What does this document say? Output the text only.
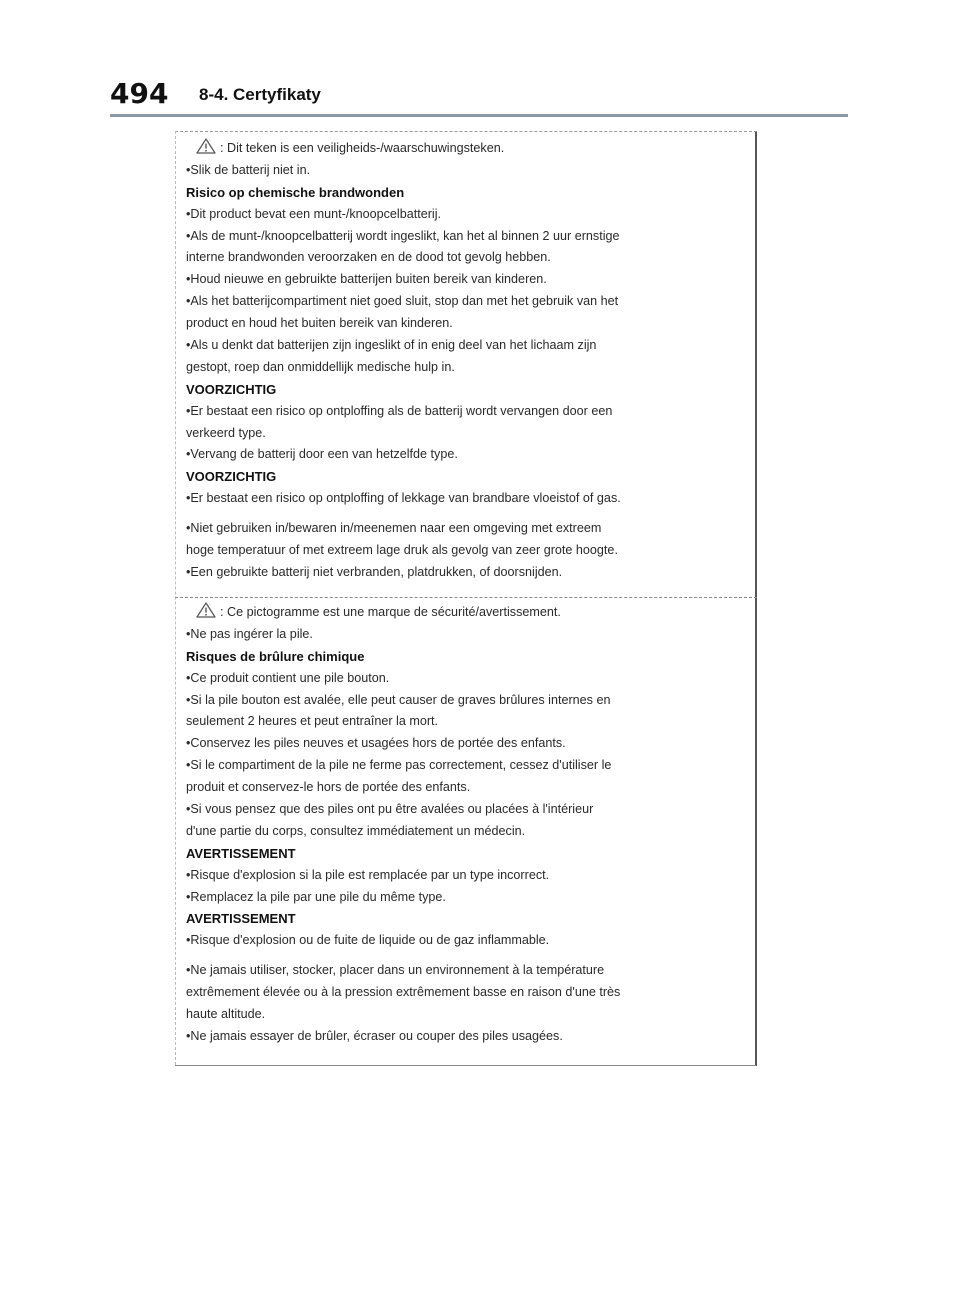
494 8-4. Certyfikaty
: Dit teken is een veiligheids-/waarschuwingsteken.
•Slik de batterij niet in.
Risico op chemische brandwonden
•Dit product bevat een munt-/knoopcelbatterij.
•Als de munt-/knoopcelbatterij wordt ingeslikt, kan het al binnen 2 uur ernstige
interne brandwonden veroorzaken en de dood tot gevolg hebben.
•Houd nieuwe en gebruikte batterijen buiten bereik van kinderen.
•Als het batterijcompartiment niet goed sluit, stop dan met het gebruik van het
product en houd het buiten bereik van kinderen.
•Als u denkt dat batterijen zijn ingeslikt of in enig deel van het lichaam zijn
gestopt, roep dan onmiddellijk medische hulp in.
VOORZICHTIG
•Er bestaat een risico op ontploffing als de batterij wordt vervangen door een
verkeerd type.
•Vervang de batterij door een van hetzelfde type.
VOORZICHTIG
•Er bestaat een risico op ontploffing of lekkage van brandbare vloeistof of gas.
•Niet gebruiken in/bewaren in/meenemen naar een omgeving met extreem
hoge temperatuur of met extreem lage druk als gevolg van zeer grote hoogte.
•Een gebruikte batterij niet verbranden, platdrukken, of doorsnijden.
: Ce pictogramme est une marque de sécurité/avertissement.
•Ne pas ingérer la pile.
Risques de brûlure chimique
•Ce produit contient une pile bouton.
•Si la pile bouton est avalée, elle peut causer de graves brûlures internes en
seulement 2 heures et peut entraîner la mort.
•Conservez les piles neuves et usagées hors de portée des enfants.
•Si le compartiment de la pile ne ferme pas correctement, cessez d'utiliser le
produit et conservez-le hors de portée des enfants.
•Si vous pensez que des piles ont pu être avalées ou placées à l'intérieur
d'une partie du corps, consultez immédiatement un médecin.
AVERTISSEMENT
•Risque d'explosion si la pile est remplacée par un type incorrect.
•Remplacez la pile par une pile du même type.
AVERTISSEMENT
•Risque d'explosion ou de fuite de liquide ou de gaz inflammable.
•Ne jamais utiliser, stocker, placer dans un environnement à la température
extrêmement élevée ou à la pression extrêmement basse en raison d'une très
haute altitude.
•Ne jamais essayer de brûler, écraser ou couper des piles usagées.
